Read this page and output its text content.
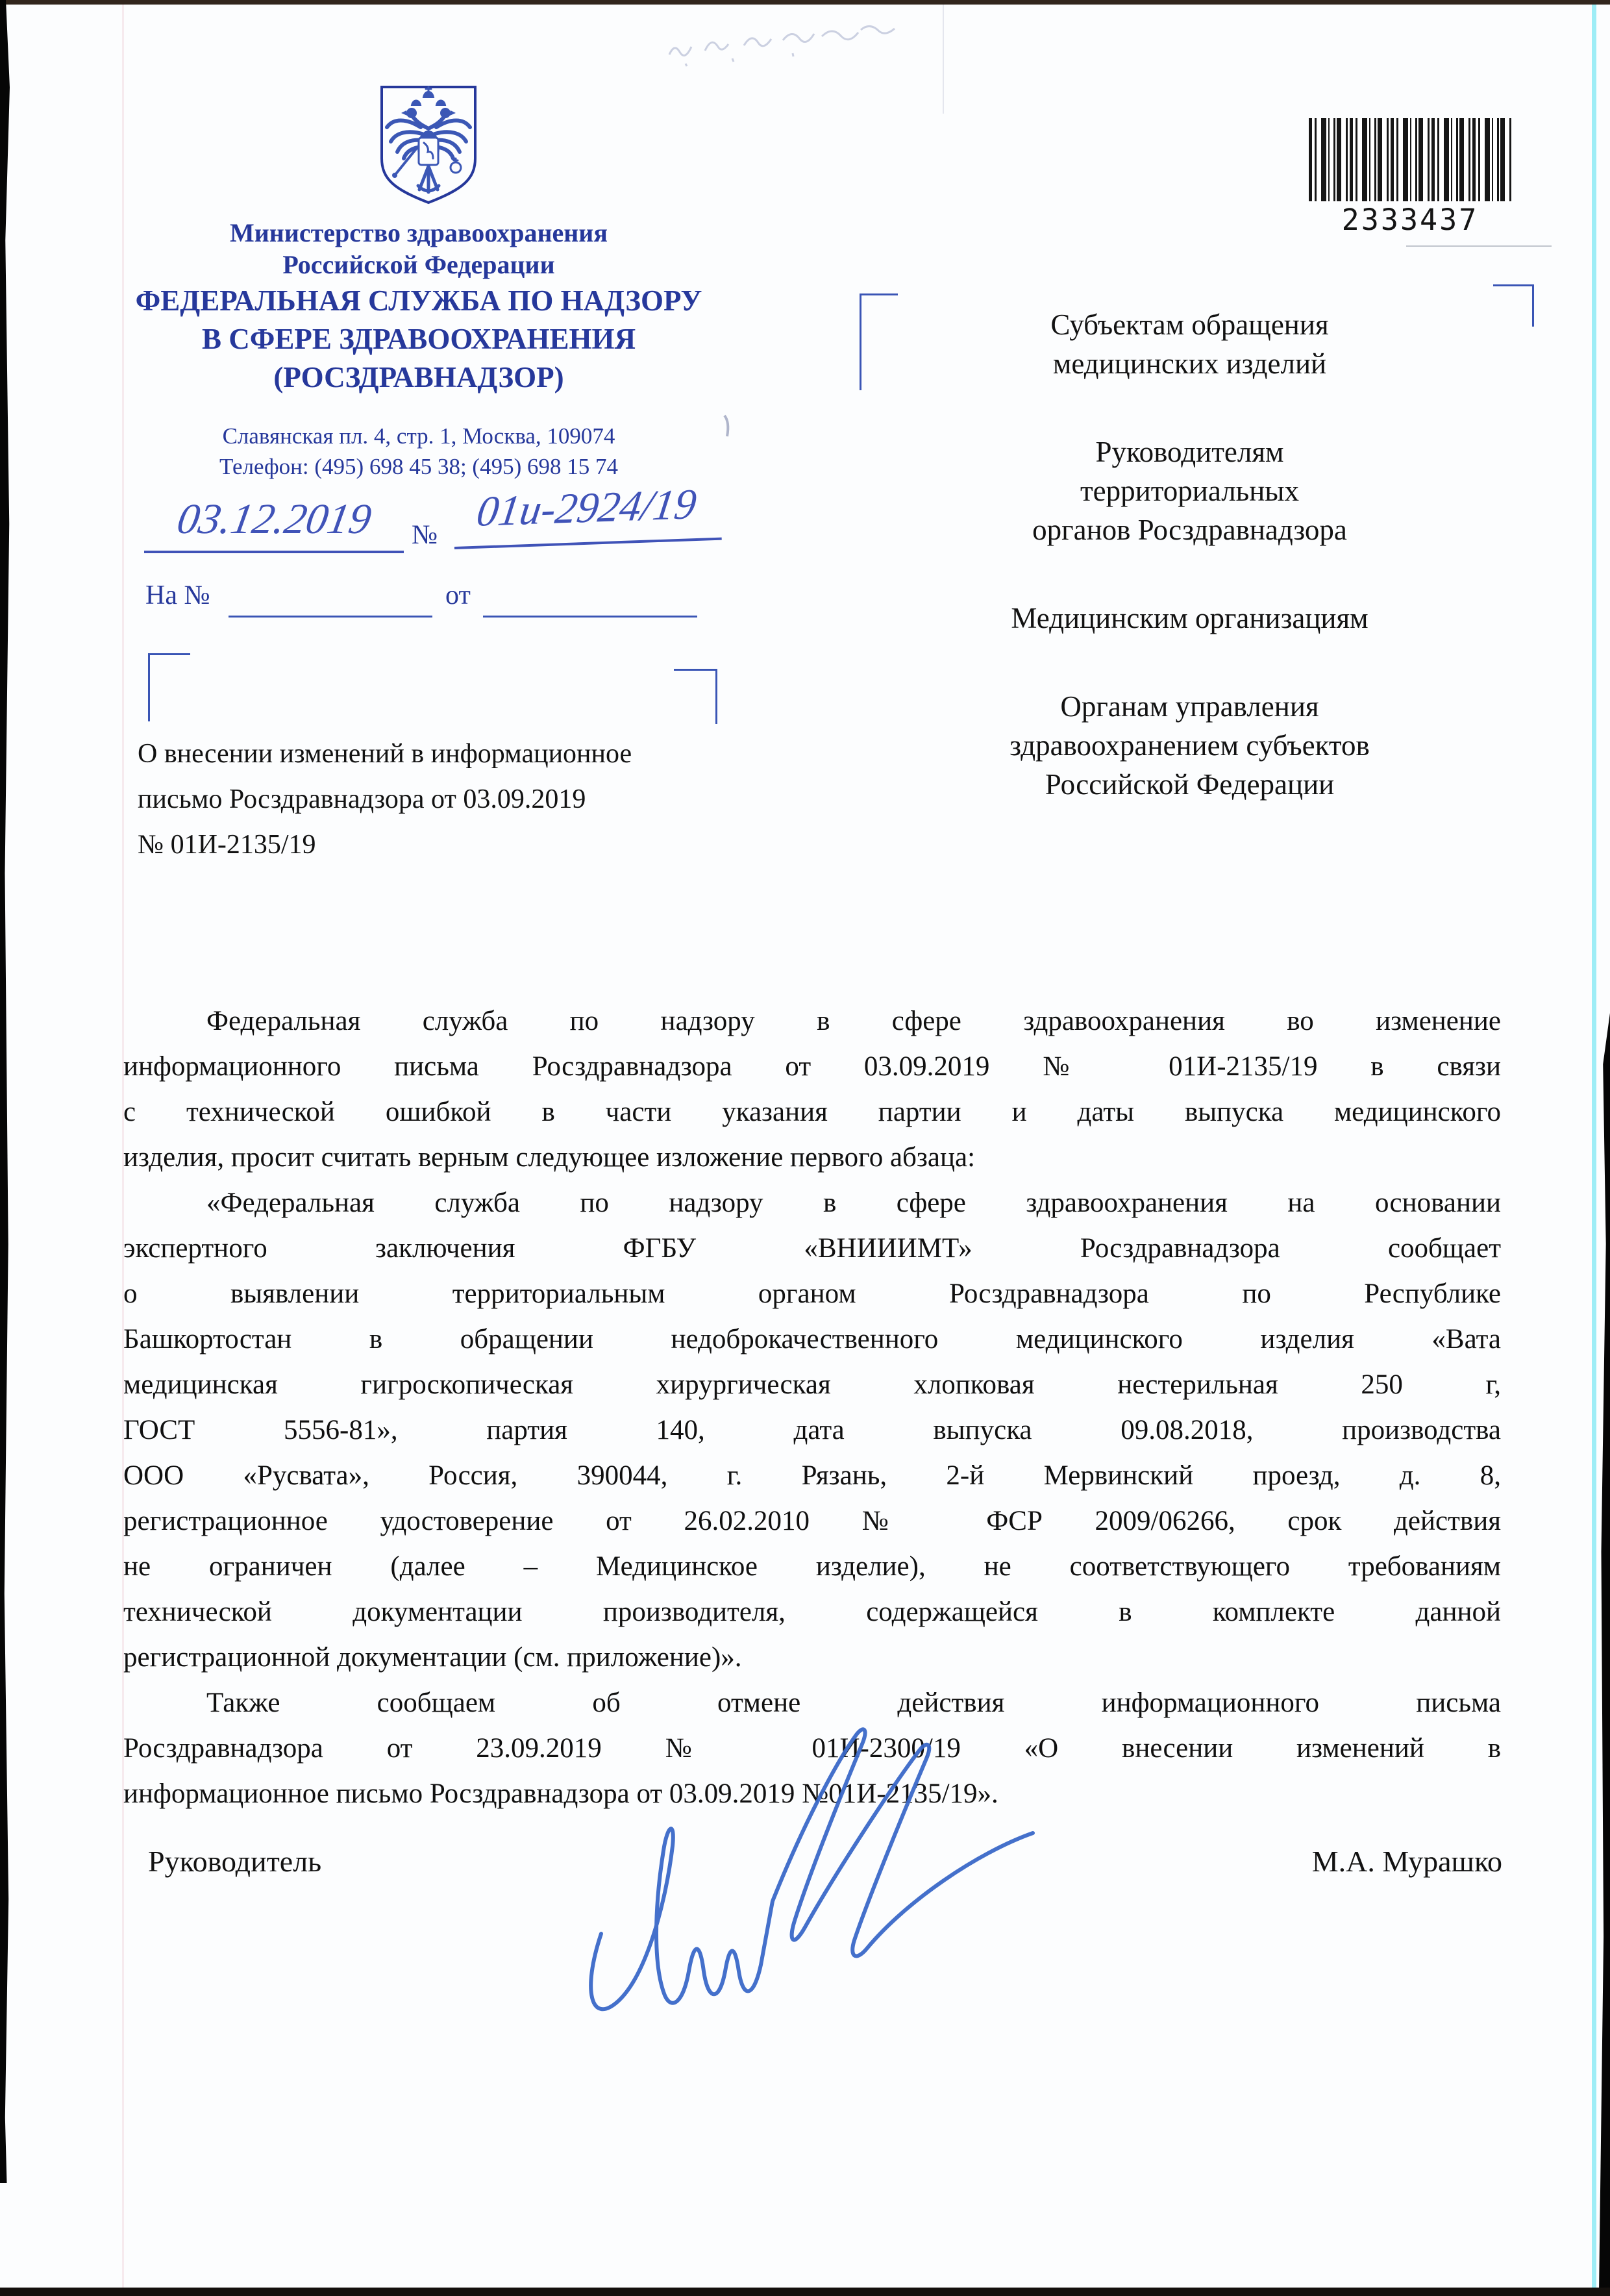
Министерство здравоохранения
Российской Федерации
ФЕДЕРАЛЬНАЯ СЛУЖБА ПО НАДЗОРУ
В СФЕРЕ ЗДРАВООХРАНЕНИЯ
(РОСЗДРАВНАДЗОР)
Славянская пл. 4, стр. 1, Москва, 109074
Телефон: (495) 698 45 38; (495) 698 15 74
2333437
03.12.2019	№ 01и-2924/19
На №	от
О внесении изменений в информационное
письмо Росздравнадзора от 03.09.2019
№ 01И-2135/19
Субъектам обращения
медицинских изделий
Руководителям
территориальных
органов Росздравнадзора
Медицинским организациям
Органам управления
здравоохранением субъектов
Российской Федерации
Федеральная служба по надзору в сфере здравоохранения во изменение
информационного письма Росздравнадзора от 03.09.2019 № 01И-2135/19 в связи
с технической ошибкой в части указания партии и даты выпуска медицинского
изделия, просит считать верным следующее изложение первого абзаца:
«Федеральная служба по надзору в сфере здравоохранения на основании
экспертного заключения ФГБУ «ВНИИИМТ» Росздравнадзора сообщает
о выявлении территориальным органом Росздравнадзора по Республике
Башкортостан в обращении недоброкачественного медицинского изделия «Вата
медицинская гигроскопическая хирургическая хлопковая нестерильная 250 г,
ГОСТ 5556-81», партия 140, дата выпуска 09.08.2018, производства
ООО «Русвата», Россия, 390044, г. Рязань, 2-й Мервинский проезд, д. 8,
регистрационное удостоверение от 26.02.2010 № ФСР 2009/06266, срок действия
не ограничен (далее – Медицинское изделие), не соответствующего требованиям
технической документации производителя, содержащейся в комплекте данной
регистрационной документации (см. приложение)».
Также сообщаем об отмене действия информационного письма
Росздравнадзора от 23.09.2019 № 01И-2300/19 «О внесении изменений в
информационное письмо Росздравнадзора от 03.09.2019 №01И-2135/19».
Руководитель	М.А. Мурашко
